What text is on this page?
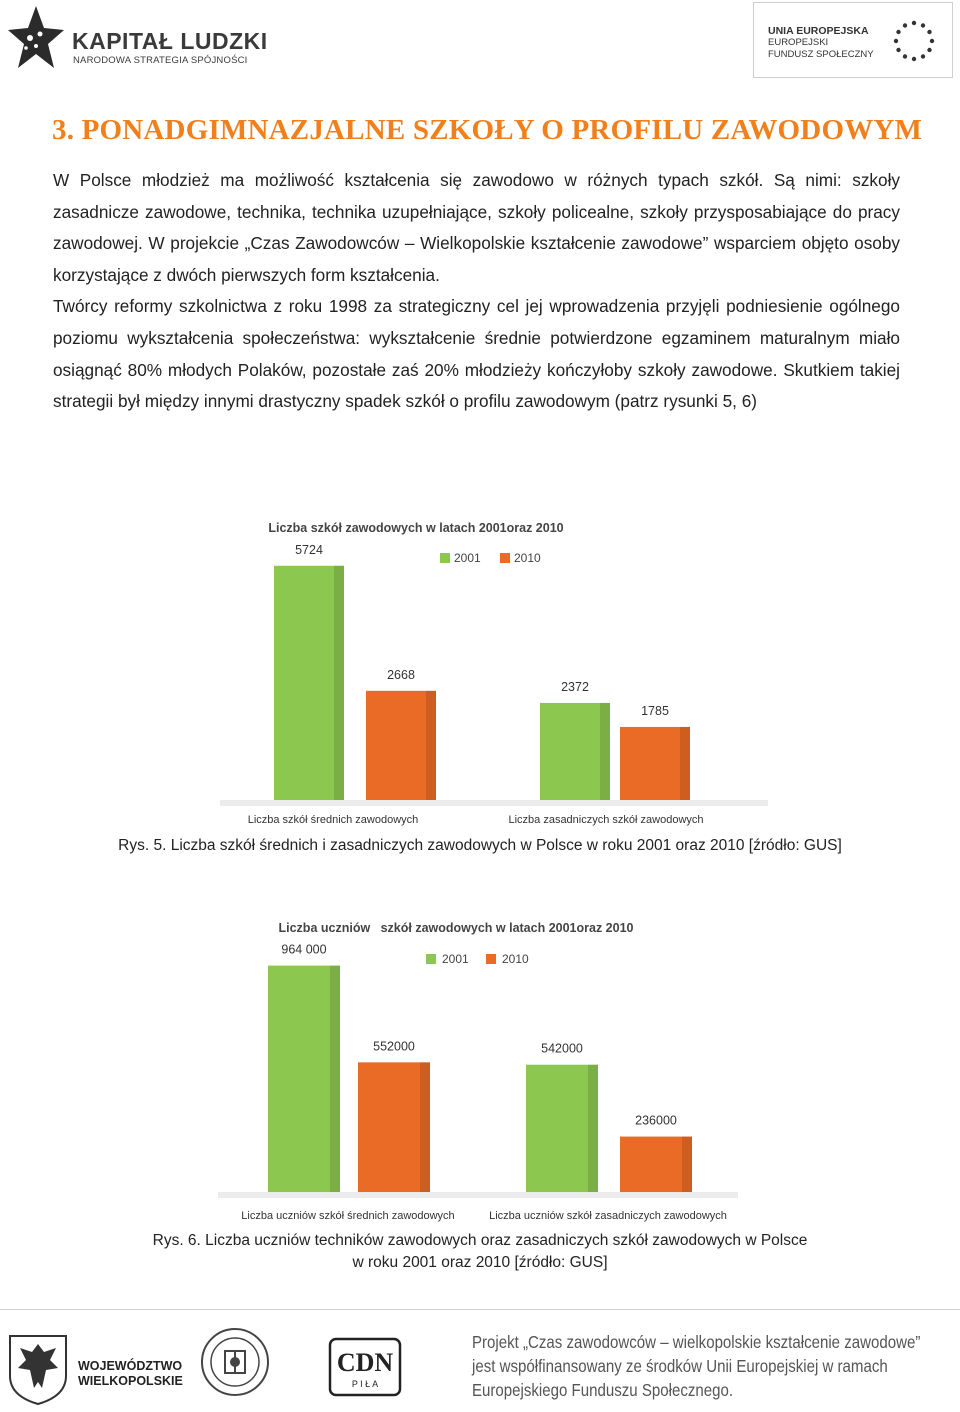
KAPITAŁ LUDZKI
NARODOWA STRATEGIA SPÓJNOŚCI
UNIA EUROPEJSKA
EUROPEJSKI
FUNDUSZ SPOŁECZNY
3. PONADGIMNAZJALNE SZKOŁY O PROFILU ZAWODOWYM

W Polsce młodzież ma możliwość kształcenia się zawodowo w różnych typach szkół. Są nimi: szkoły zasadnicze zawodowe, technika, technika uzupełniające, szkoły policealne, szkoły przysposabiające do pracy zawodowej. W projekcie „Czas Zawodowców – Wielkopolskie kształcenie zawodowe” wsparciem objęto osoby korzystające z dwóch pierwszych form kształcenia.

Twórcy reformy szkolnictwa z roku 1998 za strategiczny cel jej wprowadzenia przyjęli podniesienie ogólnego poziomu wykształcenia społeczeństwa: wykształcenie średnie potwierdzone egzaminem maturalnym miało osiągnąć 80% młodych Polaków, pozostałe zaś 20% młodzieży kończyłoby szkoły zawodowe. Skutkiem takiej strategii był między innymi drastyczny spadek szkół o profilu zawodowym (patrz rysunki 5, 6)

Liczba szkół zawodowych w latach 2001oraz 2010
2001	2010
5724
2668
2372
1785
Liczba szkół średnich zawodowych	Liczba zasadniczych szkół zawodowych
Rys. 5. Liczba szkół średnich i zasadniczych zawodowych w Polsce w roku 2001 oraz 2010 [źródło: GUS]
Liczba uczniów   szkół zawodowych w latach 2001oraz 2010
2001	2010
964 000
552000	542000
236000
Liczba uczniów szkół średnich zawodowych	Liczba uczniów szkół zasadniczych zawodowych
Rys. 6. Liczba uczniów techników zawodowych oraz zasadniczych szkół zawodowych w Polsce
w roku 2001 oraz 2010 [źródło: GUS]
WOJEWÓDZTWO
WIELKOPOLSKIE
CDN
P I Ł A
Projekt „Czas zawodowców – wielkopolskie kształcenie zawodowe”
jest współfinansowany ze środków Unii Europejskiej w ramach
Europejskiego Funduszu Społecznego.
